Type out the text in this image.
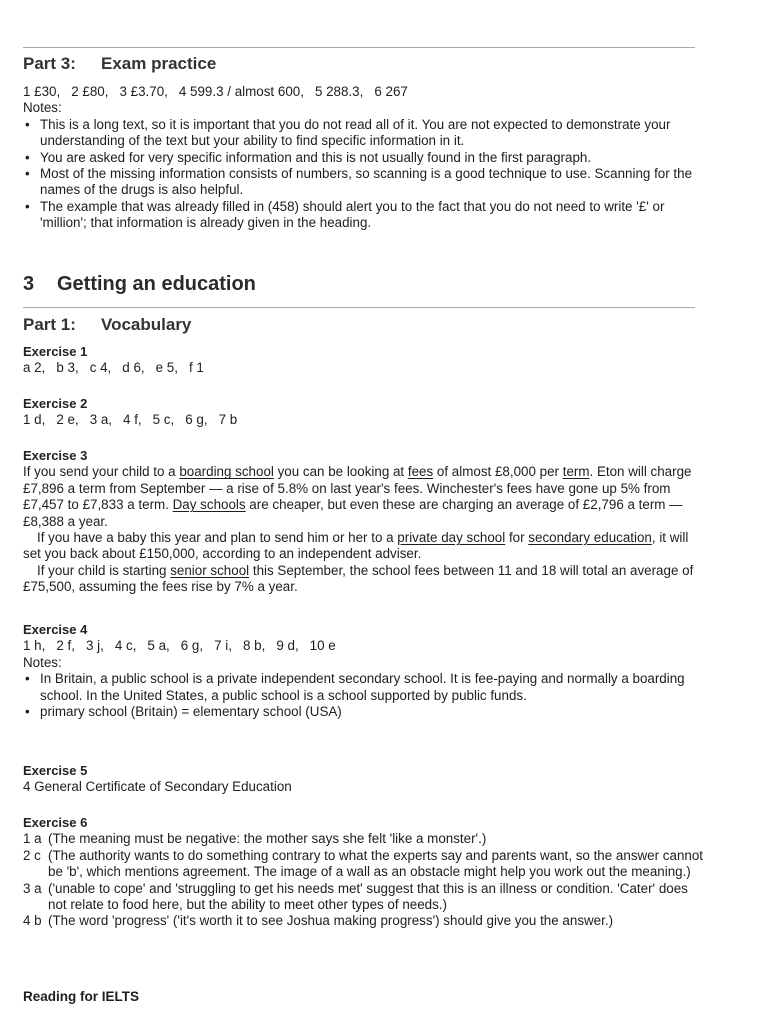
Part 3: Exam practice
1 £30, 2 £80, 3 £3.70, 4 599.3 / almost 600, 5 288.3, 6 267
Notes:
• This is a long text, so it is important that you do not read all of it. You are not expected to demonstrate your understanding of the text but your ability to find specific information in it.
• You are asked for very specific information and this is not usually found in the first paragraph.
• Most of the missing information consists of numbers, so scanning is a good technique to use. Scanning for the names of the drugs is also helpful.
• The example that was already filled in (458) should alert you to the fact that you do not need to write '£' or 'million'; that information is already given in the heading.
3 Getting an education
Part 1: Vocabulary
Exercise 1
a 2, b 3, c 4, d 6, e 5, f 1
Exercise 2
1 d, 2 e, 3 a, 4 f, 5 c, 6 g, 7 b
Exercise 3

If you send your child to a boarding school you can be looking at fees of almost £8,000 per term. Eton will charge £7,896 a term from September — a rise of 5.8% on last year's fees. Winchester's fees have gone up 5% from £7,457 to £7,833 a term. Day schools are cheaper, but even these are charging an average of £2,796 a term — £8,388 a year.

If you have a baby this year and plan to send him or her to a private day school for secondary education, it will set you back about £150,000, according to an independent adviser.

If your child is starting senior school this September, the school fees between 11 and 18 will total an average of £75,500, assuming the fees rise by 7% a year.

Exercise 4
1 h, 2 f, 3 j, 4 c, 5 a, 6 g, 7 i, 8 b, 9 d, 10 e
Notes:
• In Britain, a public school is a private independent secondary school. It is fee-paying and normally a boarding school. In the United States, a public school is a school supported by public funds.
• primary school (Britain) = elementary school (USA)
Exercise 5
4 General Certificate of Secondary Education
Exercise 6
1 a (The meaning must be negative: the mother says she felt 'like a monster'.)
2 c (The authority wants to do something contrary to what the experts say and parents want, so the answer cannot be 'b', which mentions agreement. The image of a wall as an obstacle might help you work out the meaning.)
3 a ('unable to cope' and 'struggling to get his needs met' suggest that this is an illness or condition. 'Cater' does not relate to food here, but the ability to meet other types of needs.)
4 b (The word 'progress' ('it's worth it to see Joshua making progress') should give you the answer.)
Reading for IELTS
